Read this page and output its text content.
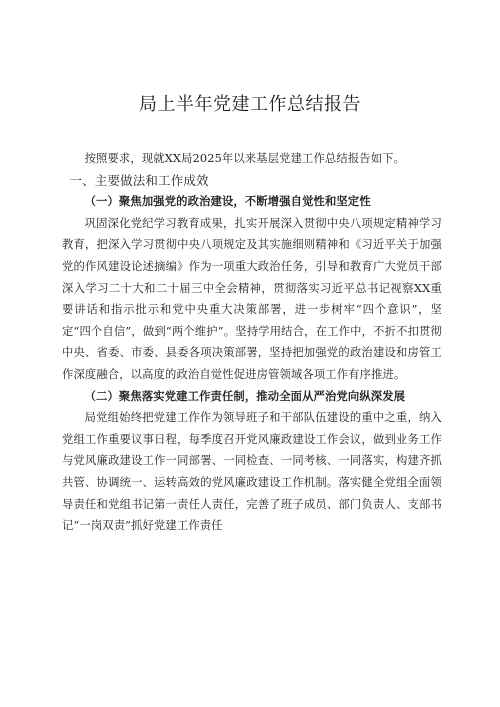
局上半年党建工作总结报告

按照要求，现就XX局2025年以来基层党建工作总结报告如下。

一、主要做法和工作成效

（一）聚焦加强党的政治建设，不断增强自觉性和坚定性

巩固深化党纪学习教育成果，扎实开展深入贯彻中央八项规定精神学习教育，把深入学习贯彻中央八项规定及其实施细则精神和《习近平关于加强党的作风建设论述摘编》作为一项重大政治任务，引导和教育广大党员干部深入学习二十大和二十届三中全会精神，贯彻落实习近平总书记视察XX重要讲话和指示批示和党中央重大决策部署，进一步树牢“四个意识”，坚定“四个自信”，做到“两个维护”。坚持学用结合，在工作中，不折不扣贯彻中央、省委、市委、县委各项决策部署，坚持把加强党的政治建设和房管工作深度融合，以高度的政治自觉性促进房管领域各项工作有序推进。

（二）聚焦落实党建工作责任制，推动全面从严治党向纵深发展

局党组始终把党建工作作为领导班子和干部队伍建设的重中之重，纳入党组工作重要议事日程，每季度召开党风廉政建设工作会议，做到业务工作与党风廉政建设工作一同部署、一同检查、一同考核、一同落实，构建齐抓共管、协调统一、运转高效的党风廉政建设工作机制。落实健全党组全面领导责任和党组书记第一责任人责任，完善了班子成员、部门负责人、支部书记“一岗双责”抓好党建工作责任
